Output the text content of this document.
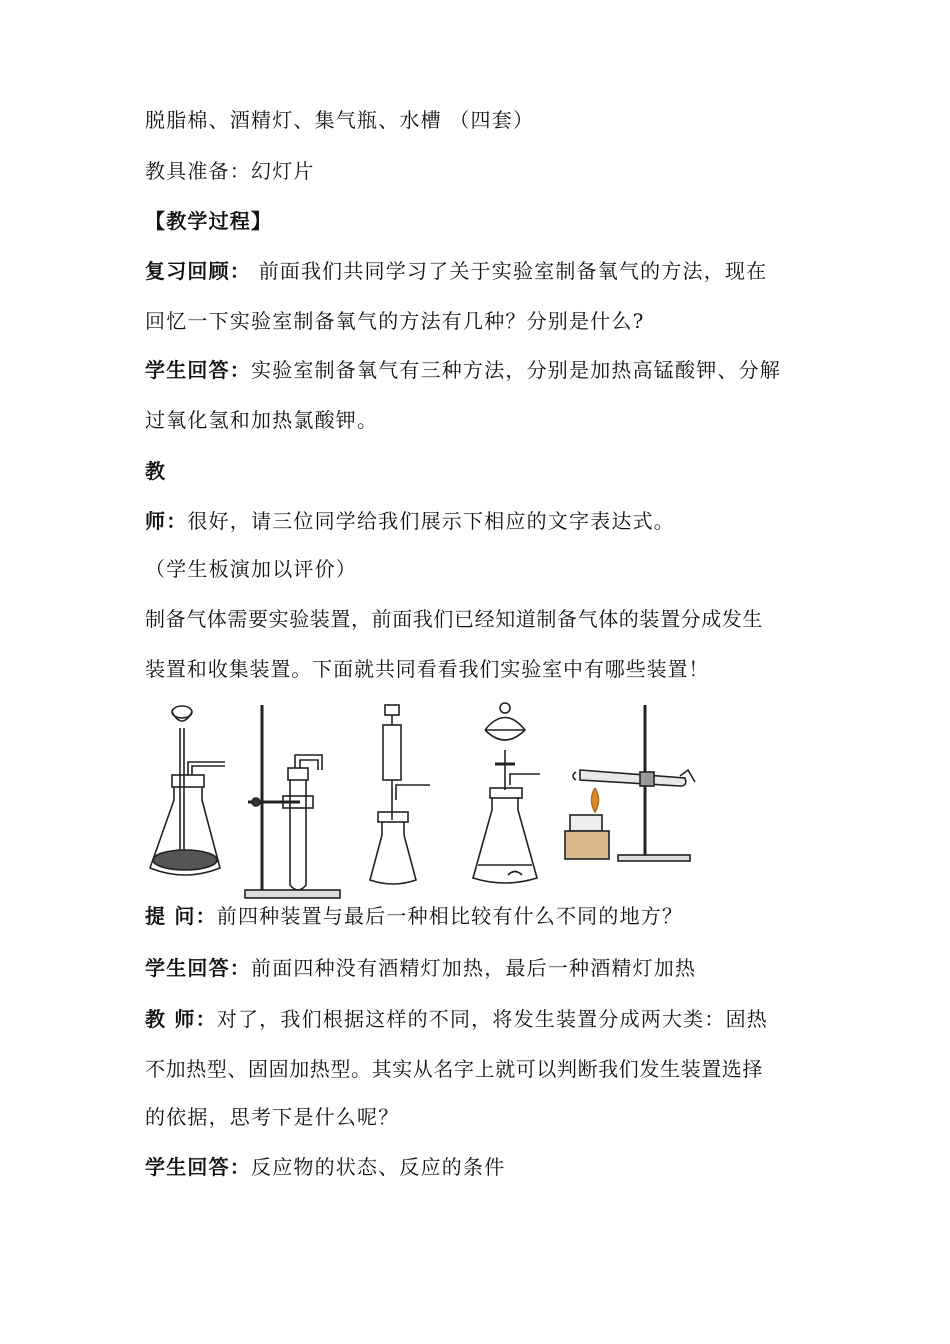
脱脂棉、酒精灯、集气瓶、水槽 （四套）
教具准备：幻灯片
【教学过程】
复习回顾： 前面我们共同学习了关于实验室制备氧气的方法，现在
回忆一下实验室制备氧气的方法有几种？分别是什么?
学生回答：实验室制备氧气有三种方法，分别是加热高锰酸钾、分解
过氧化氢和加热氯酸钾。
教
师：很好，请三位同学给我们展示下相应的文字表达式。
（学生板演加以评价）
制备气体需要实验装置，前面我们已经知道制备气体的装置分成发生
装置和收集装置。下面就共同看看我们实验室中有哪些装置！
提 问：前四种装置与最后一种相比较有什么不同的地方？
学生回答：前面四种没有酒精灯加热，最后一种酒精灯加热
教 师：对了，我们根据这样的不同，将发生装置分成两大类：固热
不加热型、固固加热型。其实从名字上就可以判断我们发生装置选择
的依据，思考下是什么呢？
学生回答：反应物的状态、反应的条件
